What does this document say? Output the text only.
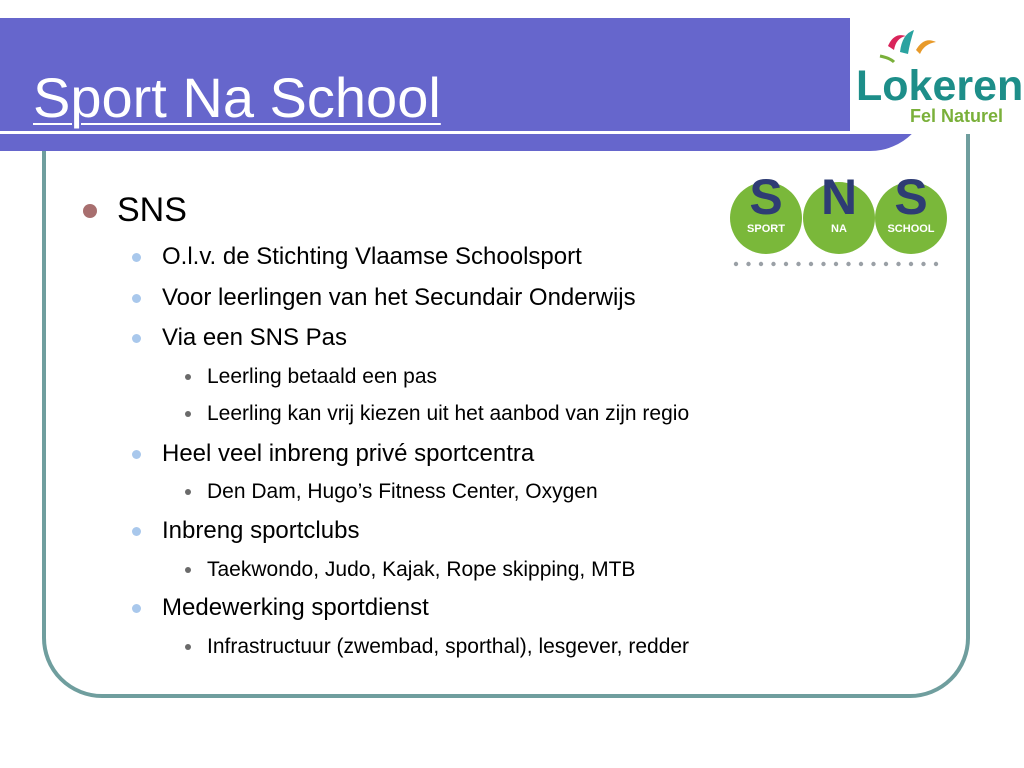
Sport Na School	Lokeren
Fel Naturel
S
SPORT
N
NA
S
SCHOOL
SNS
O.l.v. de Stichting Vlaamse Schoolsport
Voor leerlingen van het Secundair Onderwijs
Via een SNS Pas
Leerling betaald een pas
Leerling kan vrij kiezen uit het aanbod van zijn regio
Heel veel inbreng privé sportcentra
Den Dam, Hugo’s Fitness Center, Oxygen
Inbreng sportclubs
Taekwondo, Judo, Kajak, Rope skipping, MTB
Medewerking sportdienst
Infrastructuur (zwembad, sporthal), lesgever, redder
